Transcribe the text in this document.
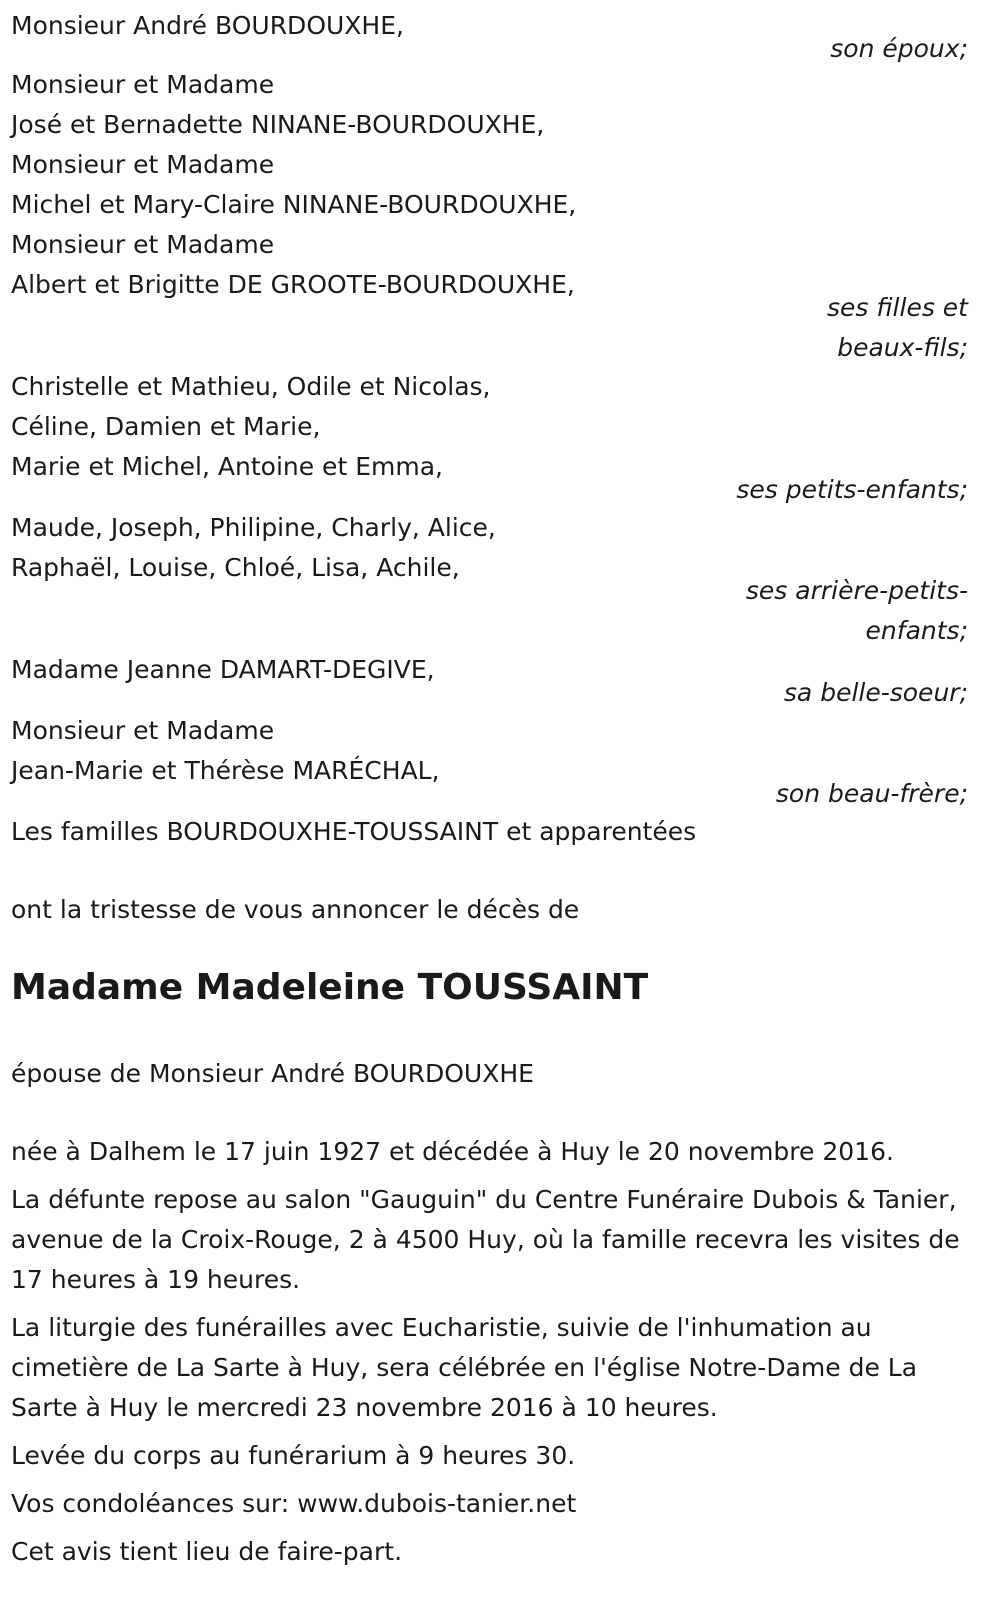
Monsieur André BOURDOUXHE,
son époux;
Monsieur et Madame
José et Bernadette NINANE-BOURDOUXHE,
Monsieur et Madame
Michel et Mary-Claire NINANE-BOURDOUXHE,
Monsieur et Madame
Albert et Brigitte DE GROOTE-BOURDOUXHE,
ses filles et
beaux-fils;
Christelle et Mathieu, Odile et Nicolas,
Céline, Damien et Marie,
Marie et Michel, Antoine et Emma,
ses petits-enfants;
Maude, Joseph, Philipine, Charly, Alice,
Raphaël, Louise, Chloé, Lisa, Achile,
ses arrière-petits-
enfants;
Madame Jeanne DAMART-DEGIVE,
sa belle-soeur;
Monsieur et Madame
Jean-Marie et Thérèse MARÉCHAL,
son beau-frère;
Les familles BOURDOUXHE-TOUSSAINT et apparentées
ont la tristesse de vous annoncer le décès de
Madame Madeleine TOUSSAINT
épouse de Monsieur André BOURDOUXHE
née à Dalhem le 17 juin 1927 et décédée à Huy le 20 novembre 2016.
La défunte repose au salon "Gauguin" du Centre Funéraire Dubois & Tanier, avenue de la Croix-Rouge, 2 à 4500 Huy, où la famille recevra les visites de 17 heures à 19 heures.
La liturgie des funérailles avec Eucharistie, suivie de l'inhumation au cimetière de La Sarte à Huy, sera célébrée en l'église Notre-Dame de La Sarte à Huy le mercredi 23 novembre 2016 à 10 heures.
Levée du corps au funérarium à 9 heures 30.
Vos condoléances sur: www.dubois-tanier.net
Cet avis tient lieu de faire-part.
